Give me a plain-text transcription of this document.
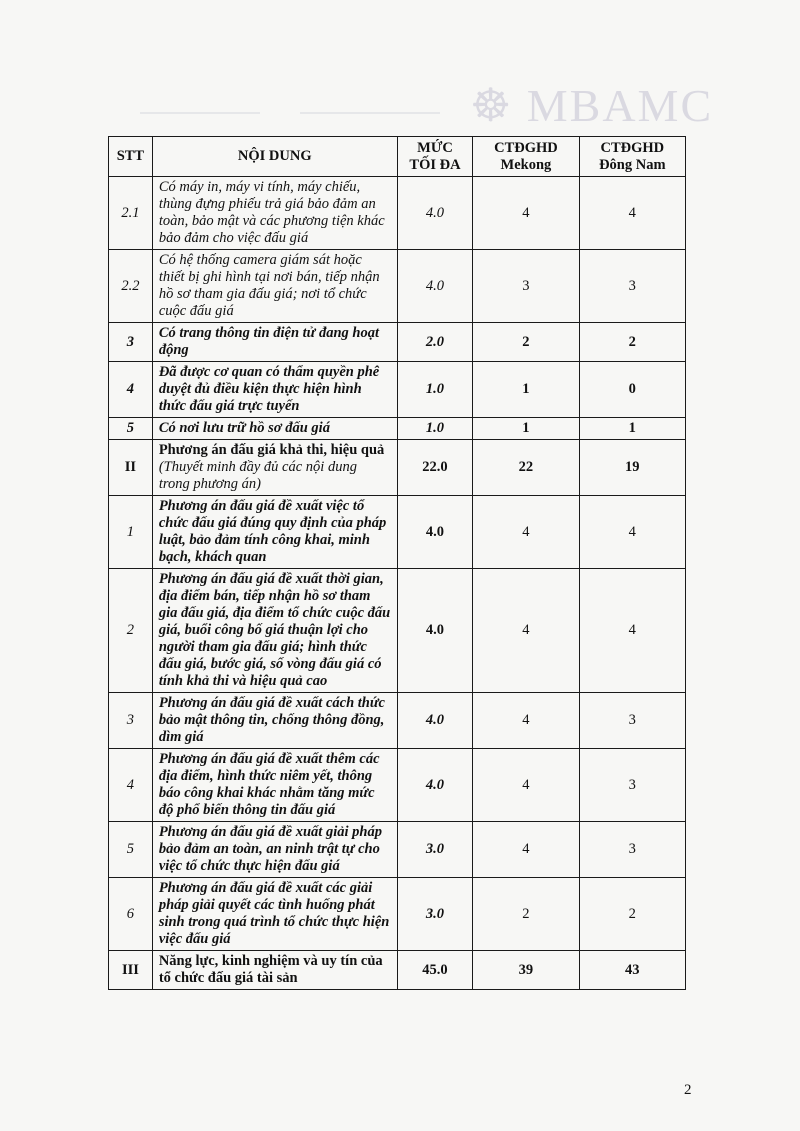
☸ MBAMC
STT	NỘI DUNG	MỨC TỐI ĐA	CTĐGHD Mekong	CTĐGHD Đông Nam
2.1	Có máy in, máy vi tính, máy chiếu, thùng đựng phiếu trả giá bảo đảm an toàn, bảo mật và các phương tiện khác bảo đảm cho việc đấu giá	4.0	4	4
2.2	Có hệ thống camera giám sát hoặc thiết bị ghi hình tại nơi bán, tiếp nhận hồ sơ tham gia đấu giá; nơi tổ chức cuộc đấu giá	4.0	3	3
3	Có trang thông tin điện tử đang hoạt động	2.0	2	2
4	Đã được cơ quan có thẩm quyền phê duyệt đủ điều kiện thực hiện hình thức đấu giá trực tuyến	1.0	1	0
5	Có nơi lưu trữ hồ sơ đấu giá	1.0	1	1
II	Phương án đấu giá khả thi, hiệu quả (Thuyết minh đầy đủ các nội dung trong phương án)	22.0	22	19
1	Phương án đấu giá đề xuất việc tổ chức đấu giá đúng quy định của pháp luật, bảo đảm tính công khai, minh bạch, khách quan	4.0	4	4
2	Phương án đấu giá đề xuất thời gian, địa điểm bán, tiếp nhận hồ sơ tham gia đấu giá, địa điểm tổ chức cuộc đấu giá, buổi công bố giá thuận lợi cho người tham gia đấu giá; hình thức đấu giá, bước giá, số vòng đấu giá có tính khả thi và hiệu quả cao	4.0	4	4
3	Phương án đấu giá đề xuất cách thức bảo mật thông tin, chống thông đồng, dìm giá	4.0	4	3
4	Phương án đấu giá đề xuất thêm các địa điểm, hình thức niêm yết, thông báo công khai khác nhằm tăng mức độ phổ biến thông tin đấu giá	4.0	4	3
5	Phương án đấu giá đề xuất giải pháp bảo đảm an toàn, an ninh trật tự cho việc tổ chức thực hiện đấu giá	3.0	4	3
6	Phương án đấu giá đề xuất các giải pháp giải quyết các tình huống phát sinh trong quá trình tổ chức thực hiện việc đấu giá	3.0	2	2
III	Năng lực, kinh nghiệm và uy tín của tổ chức đấu giá tài sản	45.0	39	43
2
